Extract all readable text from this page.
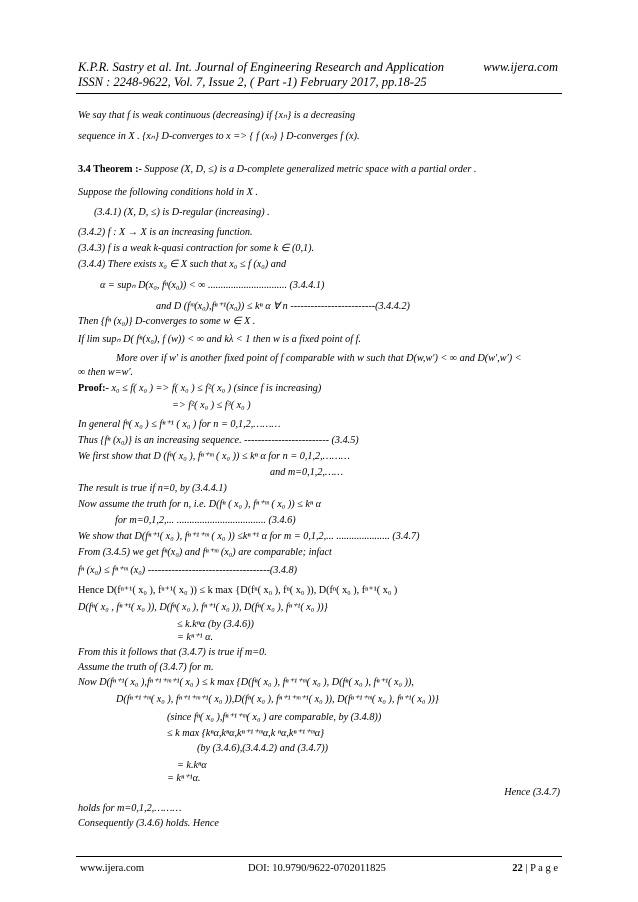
K.P.R. Sastry et al. Int. Journal of Engineering Research and Application	www.ijera.com
ISSN : 2248-9622, Vol. 7, Issue 2, ( Part -1) February 2017, pp.18-25
We say that f is weak continuous (decreasing) if {xₙ} is a decreasing
sequence in X . {xₙ} D-converges to x => { f (xₙ) } D-converges f (x).
3.4 Theorem :- Suppose (X, D, ≤) is a D-complete generalized metric space with a partial order .
Suppose the following conditions hold in X .
(3.4.1) (X, D, ≤) is D-regular (increasing) .
(3.4.2) f : X → X is an increasing function.
(3.4.3) f is a weak k-quasi contraction for some k ∈ (0,1).
(3.4.4) There exists x₀ ∈ X such that x₀ ≤ f (x₀) and
α = supₙ D(x₀, fⁿ(x₀)) < ∞ ............................... (3.4.4.1)
and D (fᵐ(x₀),fⁿ⁺¹(x₀)) ≤ kⁿ α ∀ n -------------------------(3.4.4.2)
Then {fⁿ (x₀)} D-converges to some w ∈ X .
If lim supₙ D( fⁿ(x₀), f (w)) < ∞ and kλ < 1 then w is a fixed point of f.
More over if w' is another fixed point of f comparable with w such that D(w,w') < ∞ and D(w',w') <
∞ then w=w'.
Proof:- x₀ ≤ f( x₀ ) => f( x₀ ) ≤ f²( x₀ ) (since f is increasing)
=> f²( x₀ ) ≤ f³( x₀ )
In general fⁿ( x₀ ) ≤ fⁿ⁺¹ ( x₀ ) for n = 0,1,2,………
Thus {fⁿ (x₀)} is an increasing sequence. ------------------------- (3.4.5)
We first show that D (fⁿ( x₀ ), fⁿ⁺ᵐ ( x₀ )) ≤ kⁿ α for n = 0,1,2,………
and m=0,1,2,……
The result is true if n=0, by (3.4.4.1)
Now assume the truth for n, i.e. D(fⁿ ( x₀ ), fⁿ⁺ᵐ ( x₀ )) ≤ kⁿ α
for m=0,1,2,... ................................... (3.4.6)
We show that D(fⁿ⁺¹( x₀ ), fⁿ⁺¹⁺ᵐ ( x₀ )) ≤kⁿ⁺¹ α for m = 0,1,2,... ..................... (3.4.7)
From (3.4.5) we get fⁿ(x₀) and fⁿ⁺ᵐ (x₀) are comparable; infact
fⁿ (x₀) ≤ fⁿ⁺ᵐ (x₀) ------------------------------------(3.4.8)
Hence D(fⁿ⁺¹( x₀ ), fⁿ⁺¹( x₀ )) ≤ k max {D(fⁿ( x₀ ), fⁿ( x₀ )), D(fⁿ( x₀ ), fⁿ⁺¹( x₀ )
D(fⁿ( x₀ , fⁿ⁺¹( x₀ )), D(fⁿ( x₀ ), fⁿ⁺¹( x₀ )), D(fⁿ( x₀ ), fⁿ⁺¹( x₀ ))}
≤ k.kⁿα (by (3.4.6))
= kⁿ⁺¹ α.
From this it follows that (3.4.7) is true if m=0.
Assume the truth of (3.4.7) for m.
Now D(fⁿ⁺¹( x₀ ),fⁿ⁺¹⁺ᵐ⁺¹( x₀ ) ≤ k max {D(fⁿ( x₀ ), fⁿ⁺¹⁺ᵐ( x₀ ), D(fⁿ( x₀ ), fⁿ⁺¹( x₀ )),
D(fⁿ⁺¹⁺ᵐ( x₀ ), fⁿ⁺¹⁺ᵐ⁺¹( x₀ )),D(fⁿ( x₀ ), fⁿ⁺¹⁺ᵐ⁺¹( x₀ )), D(fⁿ⁺¹⁺ᵐ( x₀ ), fⁿ⁺¹( x₀ ))}
(since fⁿ( x₀ ),fⁿ⁺¹⁺ᵐ( x₀ ) are comparable, by (3.4.8))
≤ k max {kⁿα,kⁿα,kⁿ⁺¹⁺ᵐα,k ⁿα,kⁿ⁺¹⁺ᵐα}
(by (3.4.6),(3.4.4.2) and (3.4.7))
= k.kⁿα
= kⁿ⁺¹α.
Hence (3.4.7)
holds for m=0,1,2,………
Consequently (3.4.6) holds. Hence
www.ijera.com	DOI: 10.9790/9622-0702011825	22 | P a g e
